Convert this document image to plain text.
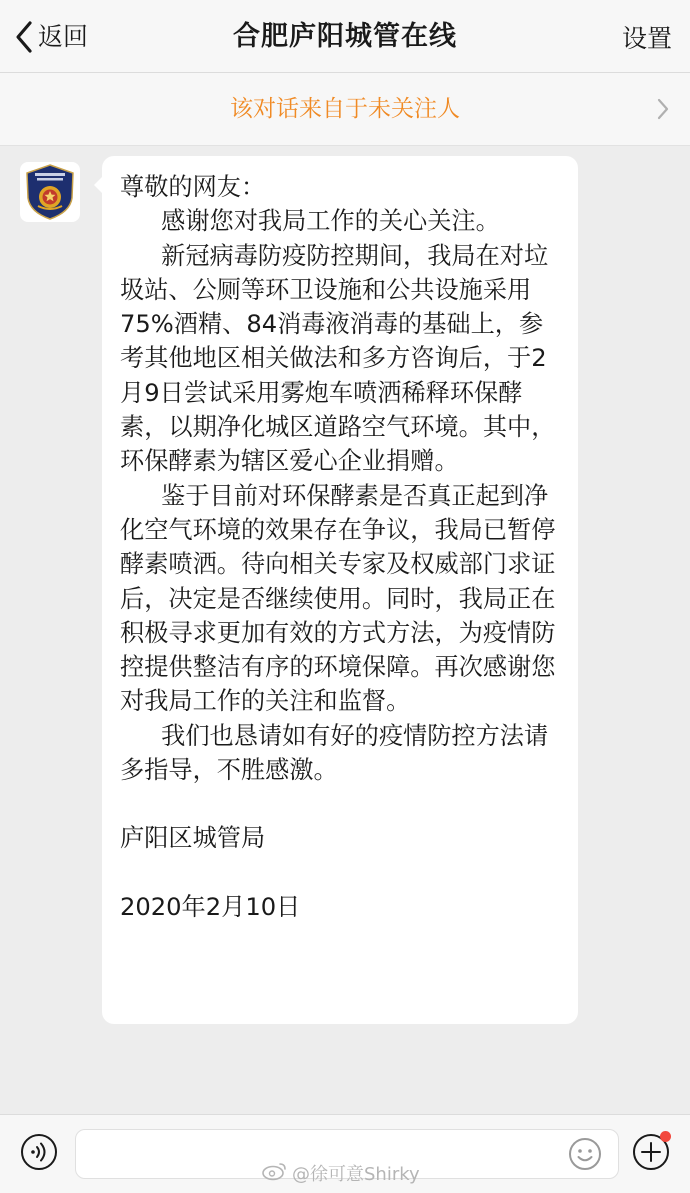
返回	合肥庐阳城管在线	设置
该对话来自于未关注人

尊敬的网友：

感谢您对我局工作的关心关注。

新冠病毒防疫防控期间，我局在对垃圾站、公厕等环卫设施和公共设施采用75%酒精、84消毒液消毒的基础上，参考其他地区相关做法和多方咨询后，于2月9日尝试采用雾炮车喷洒稀释环保酵素，以期净化城区道路空气环境。其中，环保酵素为辖区爱心企业捐赠。

鉴于目前对环保酵素是否真正起到净化空气环境的效果存在争议，我局已暂停酵素喷洒。待向相关专家及权威部门求证后，决定是否继续使用。同时，我局正在积极寻求更加有效的方式方法，为疫情防控提供整洁有序的环境保障。再次感谢您对我局工作的关注和监督。

我们也恳请如有好的疫情防控方法请多指导，不胜感激。

庐阳区城管局

2020年2月10日

@徐可意Shirky
